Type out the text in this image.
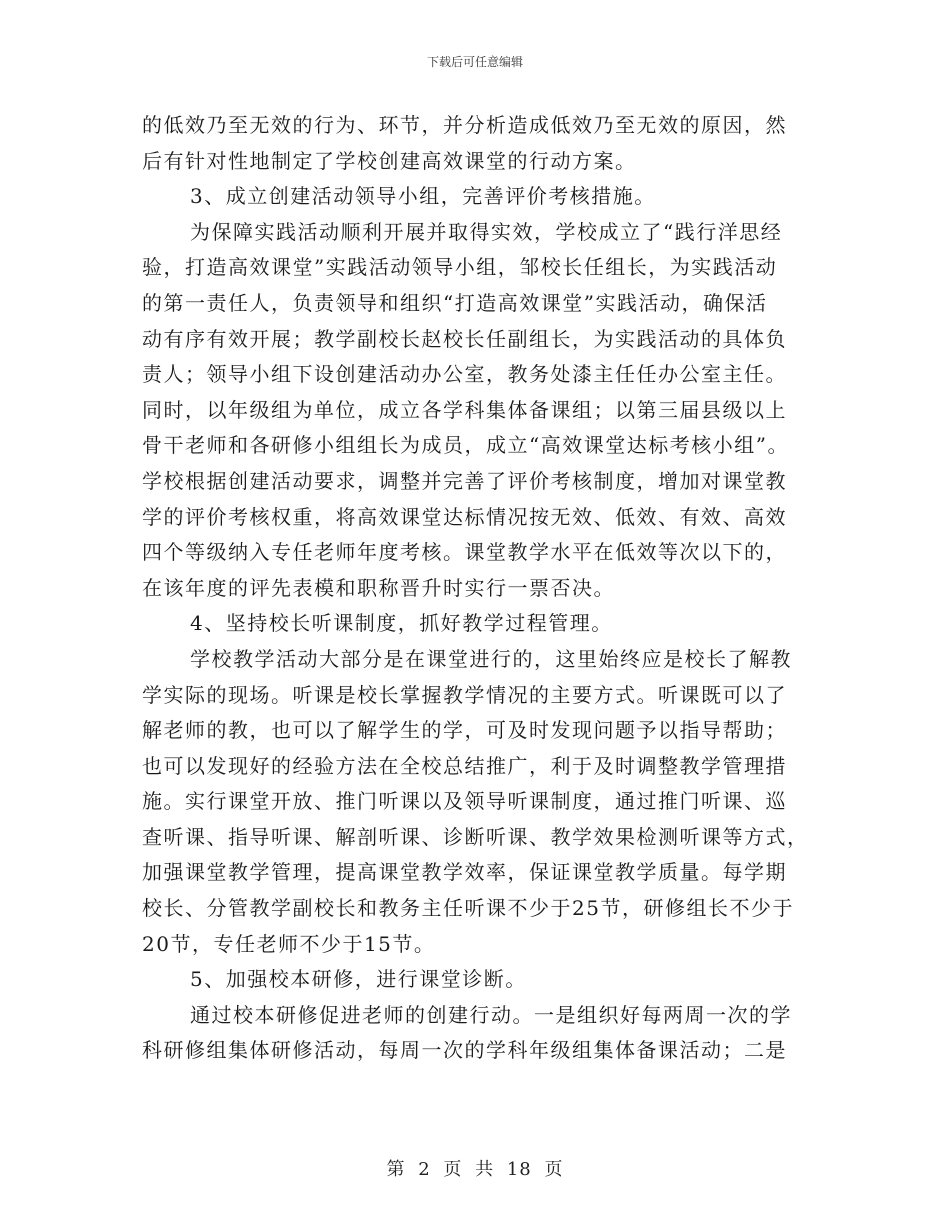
下载后可任意编辑
的低效乃至无效的行为、环节，并分析造成低效乃至无效的原因，然
后有针对性地制定了学校创建高效课堂的行动方案。
3、成立创建活动领导小组，完善评价考核措施。
为保障实践活动顺利开展并取得实效，学校成立了“践行洋思经
验，打造高效课堂”实践活动领导小组，邹校长任组长，为实践活动
的第一责任人，负责领导和组织“打造高效课堂”实践活动，确保活
动有序有效开展；教学副校长赵校长任副组长，为实践活动的具体负
责人；领导小组下设创建活动办公室，教务处漆主任任办公室主任。
同时，以年级组为单位，成立各学科集体备课组；以第三届县级以上
骨干老师和各研修小组组长为成员，成立“高效课堂达标考核小组”。
学校根据创建活动要求，调整并完善了评价考核制度，增加对课堂教
学的评价考核权重，将高效课堂达标情况按无效、低效、有效、高效
四个等级纳入专任老师年度考核。课堂教学水平在低效等次以下的，
在该年度的评先表模和职称晋升时实行一票否决。
4、坚持校长听课制度，抓好教学过程管理。
学校教学活动大部分是在课堂进行的，这里始终应是校长了解教
学实际的现场。听课是校长掌握教学情况的主要方式。听课既可以了
解老师的教，也可以了解学生的学，可及时发现问题予以指导帮助；
也可以发现好的经验方法在全校总结推广，利于及时调整教学管理措
施。实行课堂开放、推门听课以及领导听课制度，通过推门听课、巡
查听课、指导听课、解剖听课、诊断听课、教学效果检测听课等方式，
加强课堂教学管理，提高课堂教学效率，保证课堂教学质量。每学期
校长、分管教学副校长和教务主任听课不少于25节，研修组长不少于
20节，专任老师不少于15节。
5、加强校本研修，进行课堂诊断。
通过校本研修促进老师的创建行动。一是组织好每两周一次的学
科研修组集体研修活动，每周一次的学科年级组集体备课活动；二是
第 2 页 共 18 页
